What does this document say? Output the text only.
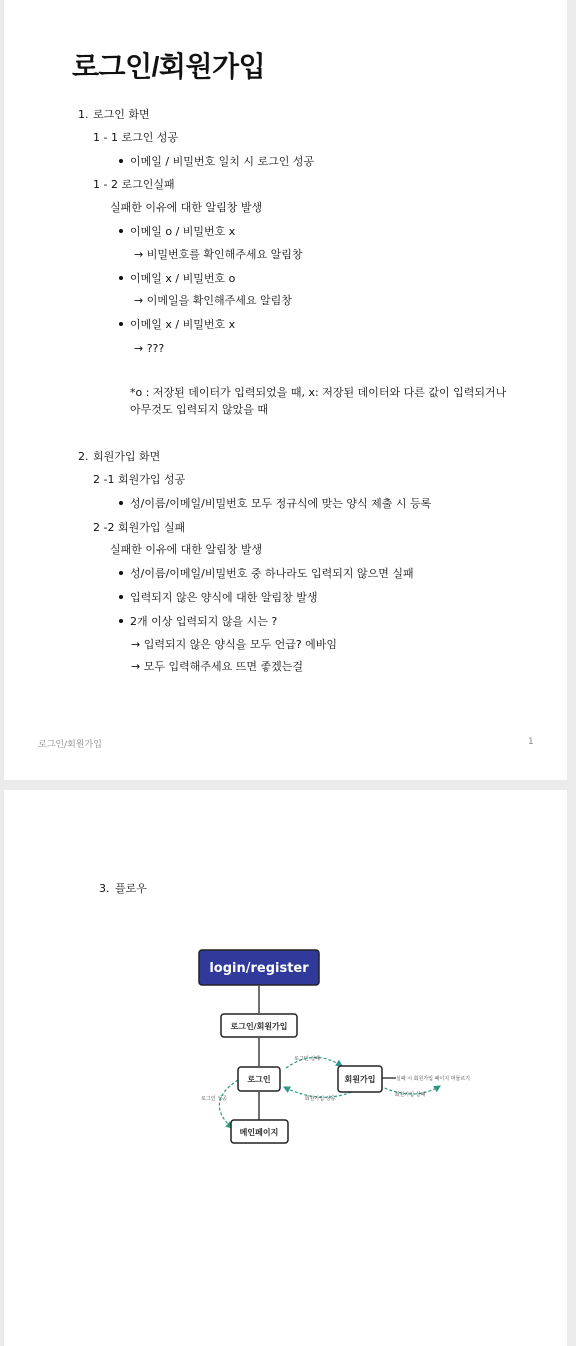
로그인/회원가입
1. 로그인 화면
1 - 1 로그인 성공
이메일 / 비밀번호 일치 시 로그인 성공
1 - 2 로그인실패
실패한 이유에 대한 알림창 발생
이메일 o / 비밀번호 x
→ 비밀번호를 확인해주세요 알림창
이메일 x / 비밀번호 o
→ 이메일을 확인해주세요 알림창
이메일 x / 비밀번호 x
→ ???
*o : 저장된 데이터가 입력되었을 때, x: 저장된 데이터와 다른 값이 입력되거나 아무것도 입력되지 않았을 때
2. 회원가입 화면
2 -1 회원가입 성공
성/이름/이메일/비밀번호 모두 정규식에 맞는 양식 제출 시 등록
2 -2 회원가입 실패
실패한 이유에 대한 알림창 발생
성/이름/이메일/비밀번호 중 하나라도 입력되지 않으면 실패
입력되지 않은 양식에 대한 알림창 발생
2개 이상 입력되지 않을 시는 ?
→ 입력되지 않은 양식을 모두 언급? 에바임
→ 모두 입력해주세요 뜨면 좋겠는걸
로그인/회원가입	1
3. 플로우
login/register
로그인/회원가입
로그인	회원가입
메인페이지
로그인 실패
회원가입 성공
로그인 성공
실패 시 회원가입 페이지 머물르기
회원가입 실패
